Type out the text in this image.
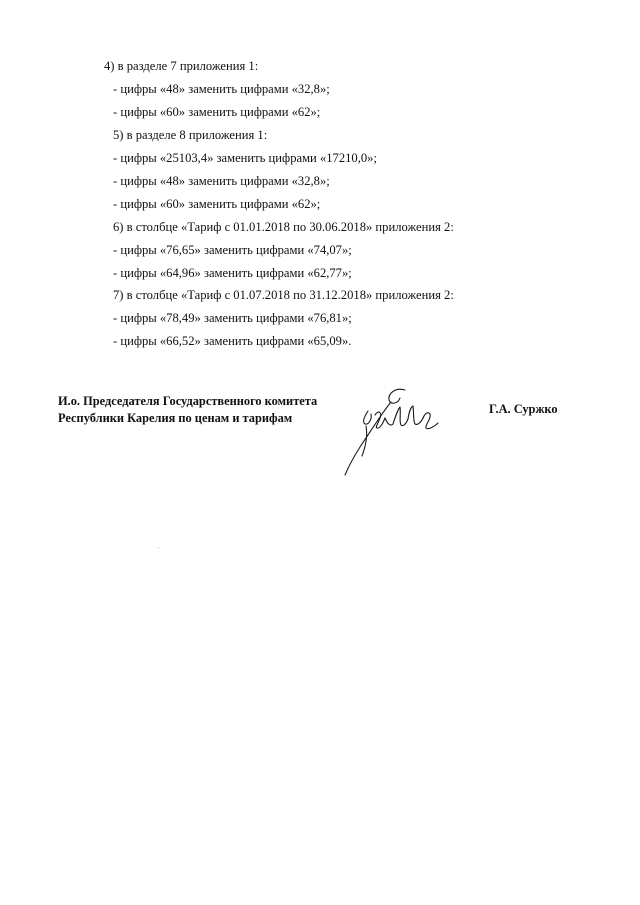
4) в разделе 7 приложения 1:
- цифры «48» заменить цифрами «32,8»;
- цифры «60» заменить цифрами «62»;
5) в разделе 8 приложения 1:
- цифры «25103,4» заменить цифрами «17210,0»;
- цифры «48» заменить цифрами «32,8»;
- цифры «60» заменить цифрами «62»;
6) в столбце «Тариф с 01.01.2018 по 30.06.2018» приложения 2:
- цифры «76,65» заменить цифрами «74,07»;
- цифры «64,96» заменить цифрами «62,77»;
7) в столбце «Тариф с 01.07.2018 по 31.12.2018» приложения 2:
- цифры «78,49» заменить цифрами «76,81»;
- цифры «66,52» заменить цифрами «65,09».
И.о. Председателя Государственного комитета
Республики Карелия по ценам и тарифам
Г.А. Суржко
